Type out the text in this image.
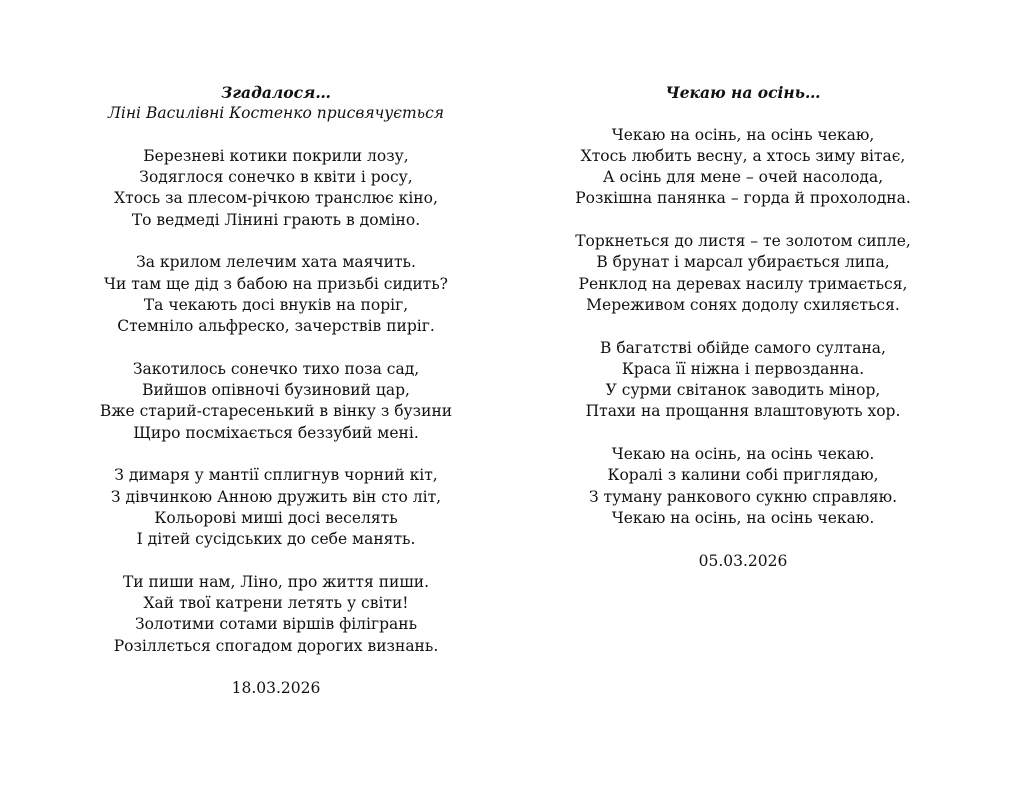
Згадалося…

Ліні Василівні Костенко присвячується

Березневі котики покрили лозу,
Зодяглося сонечко в квіти і росу,
Хтось за плесом-річкою транслює кіно,
То ведмеді Лінині грають в доміно.

За крилом лелечим хата маячить.
Чи там ще дід з бабою на призьбі сидить?
Та чекають досі внуків на поріг,
Стемніло альфреско, зачерствів пиріг.

Закотилось сонечко тихо поза сад,
Вийшов опівночі бузиновий цар,
Вже старий-старесенький в вінку з бузини
Щиро посміхається беззубий мені.

З димаря у мантії сплигнув чорний кіт,
З дівчинкою Анною дружить він сто літ,
Кольорові миші досі веселять
І дітей сусідських до себе манять.

Ти пиши нам, Ліно, про життя пиши.
Хай твої катрени летять у світи!
Золотими сотами віршів філігрань
Розіллється спогадом дорогих визнань.

18.03.2026

Чекаю на осінь…

Чекаю на осінь, на осінь чекаю,
Хтось любить весну, а хтось зиму вітає,
А осінь для мене – очей насолода,
Розкішна панянка – горда й прохолодна.

Торкнеться до листя – те золотом сипле,
В брунат і марсал убирається липа,
Ренклод на деревах насилу тримається,
Мереживом сонях додолу схиляється.

В багатстві обійде самого султана,
Краса її ніжна і первозданна.
У сурми світанок заводить мінор,
Птахи на прощання влаштовують хор.

Чекаю на осінь, на осінь чекаю.
Коралі з калини собі приглядаю,
З туману ранкового сукню справляю.
Чекаю на осінь, на осінь чекаю.

05.03.2026
